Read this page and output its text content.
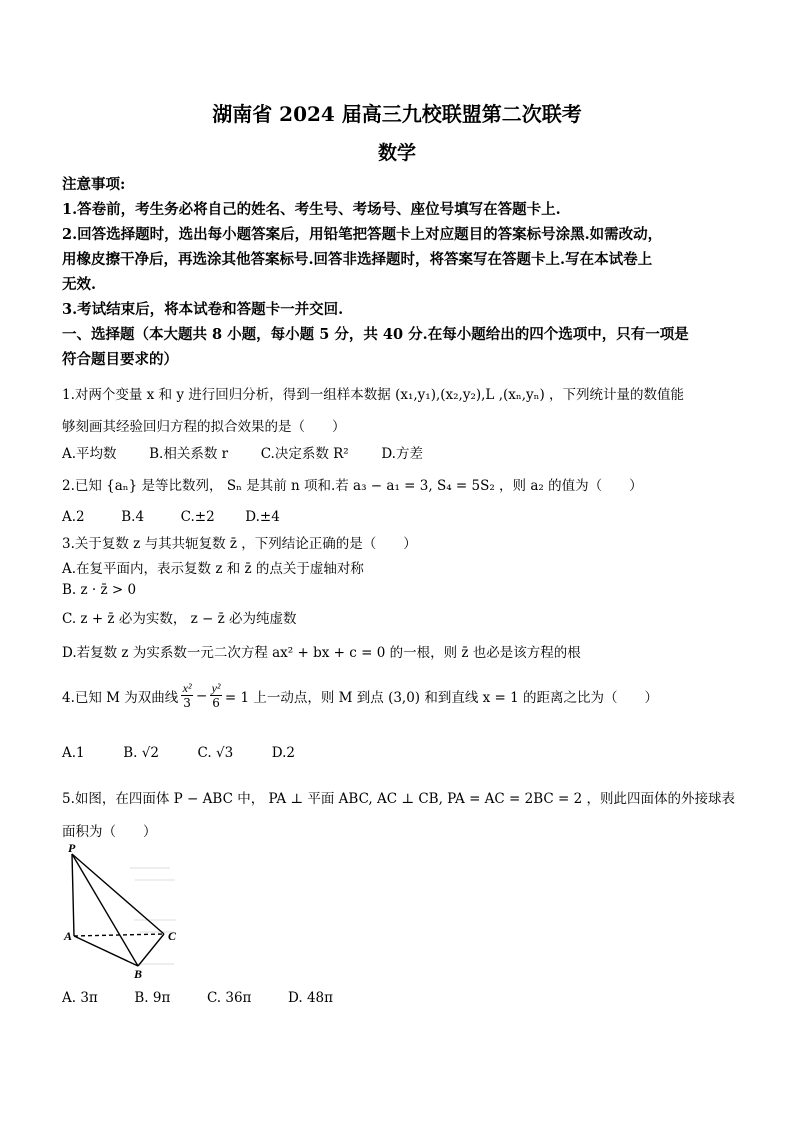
湖南省 2024 届高三九校联盟第二次联考
数学
注意事项:
1.答卷前，考生务必将自己的姓名、考生号、考场号、座位号填写在答题卡上.
2.回答选择题时，选出每小题答案后，用铅笔把答题卡上对应题目的答案标号涂黑.如需改动，
用橡皮擦干净后，再选涂其他答案标号.回答非选择题时，将答案写在答题卡上.写在本试卷上
无效.
3.考试结束后，将本试卷和答题卡一并交回.
一、选择题（本大题共 8 小题，每小题 5 分，共 40 分.在每小题给出的四个选项中，只有一项是
符合题目要求的）
1.对两个变量 x 和 y 进行回归分析，得到一组样本数据 (x₁,y₁),(x₂,y₂),L ,(xₙ,yₙ) ，下列统计量的数值能
够刻画其经验回归方程的拟合效果的是（　　）
A.平均数 B.相关系数 r C.决定系数 R² D.方差
2.已知 {aₙ} 是等比数列， Sₙ 是其前 n 项和.若 a₃ − a₁ = 3, S₄ = 5S₂ ，则 a₂ 的值为（　　）
A.2	B.4	C.±2 D.±4
3.关于复数 z 与其共轭复数 z̄ ，下列结论正确的是（　　）
A.在复平面内，表示复数 z 和 z̄ 的点关于虚轴对称
B. z · z̄ > 0
C. z + z̄ 必为实数， z − z̄ 必为纯虚数
D.若复数 z 为实系数一元二次方程 ax² + bx + c = 0 的一根，则 z̄ 也必是该方程的根
4.已知 M 为双曲线 $\frac{\text{x²}}{3} - \frac{\text{y²}}{6} = 1$ 上一动点，则 M 到点 (3,0) 和到直线 x = 1 的距离之比为（　　）
A.1	B. √2	C. √3	D.2
5.如图，在四面体 P − ABC 中， PA ⊥ 平面 ABC, AC ⊥ CB, PA = AC = 2BC = 2 ，则此四面体的外接球表
面积为（　　）
P
A	C
B
A. 3π	B. 9π	C. 36π	D. 48π
